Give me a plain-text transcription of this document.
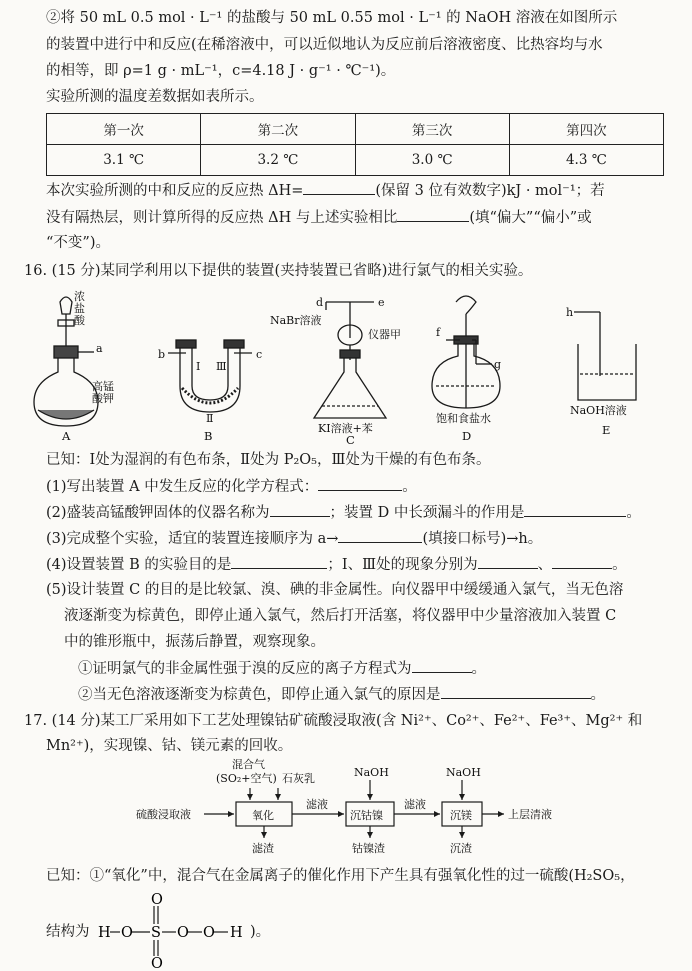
②将 50 mL 0.5 mol · L⁻¹ 的盐酸与 50 mL 0.55 mol · L⁻¹ 的 NaOH 溶液在如图所示
的装置中进行中和反应(在稀溶液中，可以近似地认为反应前后溶液密度、比热容均与水
的相等，即 ρ=1 g · mL⁻¹，c=4.18 J · g⁻¹ · ℃⁻¹)。
实验所测的温度差数据如表所示。
第一次	第二次	第三次	第四次
3.1 ℃	3.2 ℃	3.0 ℃	4.3 ℃
本次实验所测的中和反应的反应热 ΔH=	(保留 3 位有效数字)kJ · mol⁻¹；若
没有隔热层，则计算所得的反应热 ΔH 与上述实验相比	(填“偏大”“偏小”或
“不变”)。
16. (15 分)某同学利用以下提供的装置(夹持装置已省略)进行氯气的相关实验。
浓
盐
酸
高锰
酸钾
a
A
b	c
Ⅰ
Ⅱ
Ⅲ
B
d	e
NaBr溶液
仪器甲
KI溶液+苯
C
f
g
饱和食盐水
D
h
NaOH溶液
E
已知：Ⅰ处为湿润的有色布条，Ⅱ处为 P₂O₅，Ⅲ处为干燥的有色布条。
(1)写出装置 A 中发生反应的化学方程式：	。
(2)盛装高锰酸钾固体的仪器名称为	；装置 D 中长颈漏斗的作用是	。
(3)完成整个实验，适宜的装置连接顺序为 a→	(填接口标号)→h。
(4)设置装置 B 的实验目的是	；Ⅰ、Ⅲ处的现象分别为	、	。
(5)设计装置 C 的目的是比较氯、溴、碘的非金属性。向仪器甲中缓缓通入氯气，当无色溶
液逐渐变为棕黄色，即停止通入氯气，然后打开活塞，将仪器甲中少量溶液加入装置 C
中的锥形瓶中，振荡后静置，观察现象。
①证明氯气的非金属性强于溴的反应的离子方程式为	。
②当无色溶液逐渐变为棕黄色，即停止通入氯气的原因是	。
17. (14 分)某工厂采用如下工艺处理镍钴矿硫酸浸取液(含 Ni²⁺、Co²⁺、Fe²⁺、Fe³⁺、Mg²⁺ 和
Mn²⁺)，实现镍、钴、镁元素的回收。
混合气
(SO₂+空气) 石灰乳	NaOH	NaOH
硫酸浸取液	氧化
滤液
沉钴镍
滤液
沉镁	上层清液
滤渣	钴镍渣	沉渣
已知：①“氧化”中，混合气在金属离子的催化作用下产生具有强氧化性的过一硫酸(H₂SO₅，
结构为 H O S
O
O
O O H )。
